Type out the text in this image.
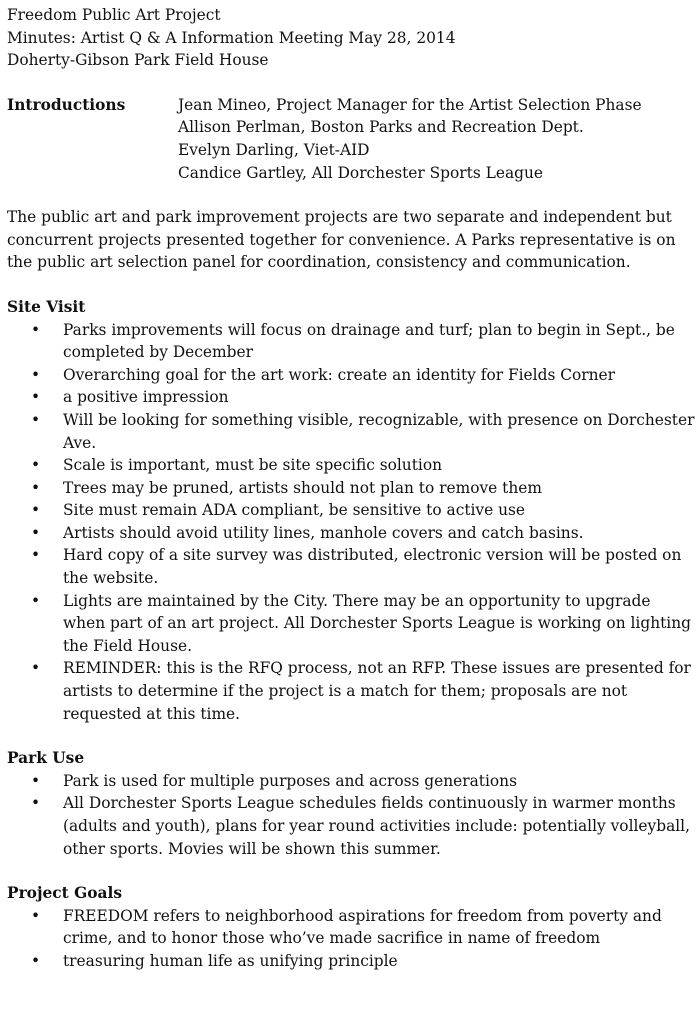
Freedom Public Art Project
Minutes: Artist Q & A Information Meeting May 28, 2014
Doherty-Gibson Park Field House
Introductions	Jean Mineo, Project Manager for the Artist Selection Phase
Allison Perlman, Boston Parks and Recreation Dept.
Evelyn Darling, Viet-AID
Candice Gartley, All Dorchester Sports League
The public art and park improvement projects are two separate and independent but concurrent projects presented together for convenience. A Parks representative is on the public art selection panel for coordination, consistency and communication.
Site Visit
• Parks improvements will focus on drainage and turf; plan to begin in Sept., be completed by December
• Overarching goal for the art work: create an identity for Fields Corner
• a positive impression
• Will be looking for something visible, recognizable, with presence on Dorchester Ave.
• Scale is important, must be site specific solution
• Trees may be pruned, artists should not plan to remove them
• Site must remain ADA compliant, be sensitive to active use
• Artists should avoid utility lines, manhole covers and catch basins.
• Hard copy of a site survey was distributed, electronic version will be posted on the website.
• Lights are maintained by the City. There may be an opportunity to upgrade when part of an art project. All Dorchester Sports League is working on lighting the Field House.
• REMINDER: this is the RFQ process, not an RFP. These issues are presented for artists to determine if the project is a match for them; proposals are not requested at this time.
Park Use
• Park is used for multiple purposes and across generations
• All Dorchester Sports League schedules fields continuously in warmer months (adults and youth), plans for year round activities include: potentially volleyball, other sports. Movies will be shown this summer.
Project Goals
• FREEDOM refers to neighborhood aspirations for freedom from poverty and crime, and to honor those who’ve made sacrifice in name of freedom
• treasuring human life as unifying principle
